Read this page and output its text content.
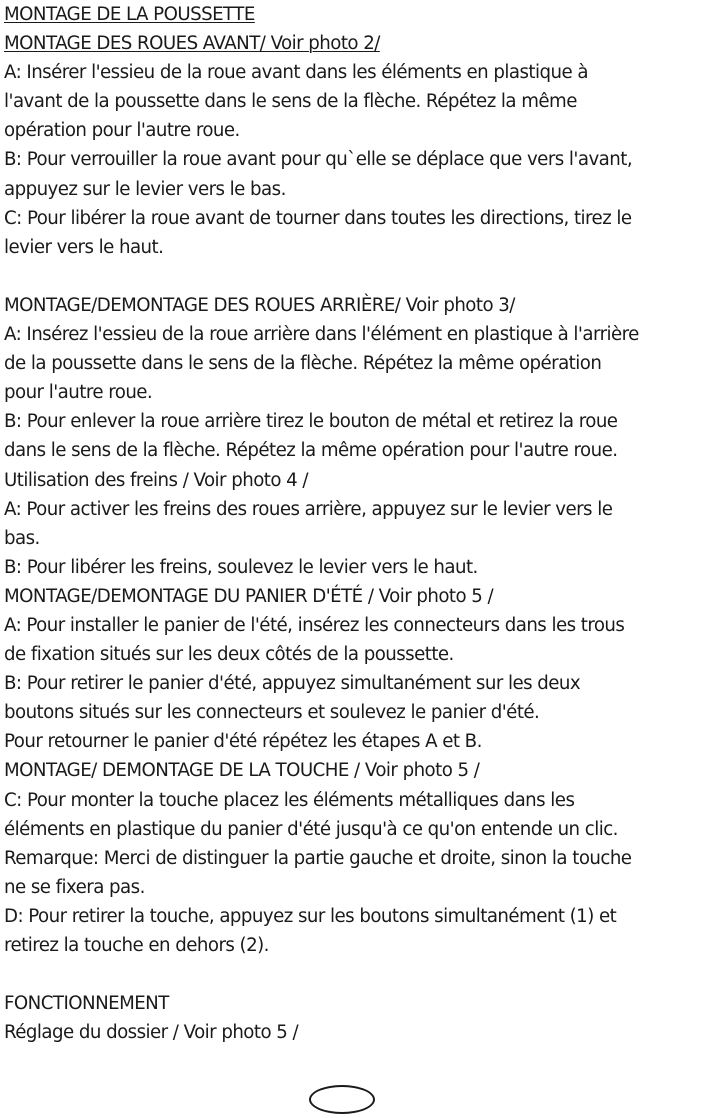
MONTAGE DE LA POUSSETTE
MONTAGE DES ROUES AVANT/ Voir photo 2/
A: Insérer l'essieu de la roue avant dans les éléments en plastique à
l'avant de la poussette dans le sens de la flèche. Répétez la même
opération pour l'autre roue.
B: Pour verrouiller la roue avant pour qu`elle se déplace que vers l'avant,
appuyez sur le levier vers le bas.
C: Pour libérer la roue avant de tourner dans toutes les directions, tirez le
levier vers le haut.
MONTAGE/DEMONTAGE DES ROUES ARRIÈRE/ Voir photo 3/
A: Insérez l'essieu de la roue arrière dans l'élément en plastique à l'arrière
de la poussette dans le sens de la flèche. Répétez la même opération
pour l'autre roue.
B: Pour enlever la roue arrière tirez le bouton de métal et retirez la roue
dans le sens de la flèche. Répétez la même opération pour l'autre roue.
Utilisation des freins / Voir photo 4 /
A: Pour activer les freins des roues arrière, appuyez sur le levier vers le
bas.
B: Pour libérer les freins, soulevez le levier vers le haut.
MONTAGE/DEMONTAGE DU PANIER D'ÉTÉ / Voir photo 5 /
A: Pour installer le panier de l'été, insérez les connecteurs dans les trous
de fixation situés sur les deux côtés de la poussette.
B: Pour retirer le panier d'été, appuyez simultanément sur les deux
boutons situés sur les connecteurs et soulevez le panier d'été.
Pour retourner le panier d'été répétez les étapes A et B.
MONTAGE/ DEMONTAGE DE LA TOUCHE / Voir photo 5 /
C: Pour monter la touche placez les éléments métalliques dans les
éléments en plastique du panier d'été jusqu'à ce qu'on entende un clic.
Remarque: Merci de distinguer la partie gauche et droite, sinon la touche
ne se fixera pas.
D: Pour retirer la touche, appuyez sur les boutons simultanément (1) et
retirez la touche en dehors (2).
FONCTIONNEMENT
Réglage du dossier / Voir photo 5 /
